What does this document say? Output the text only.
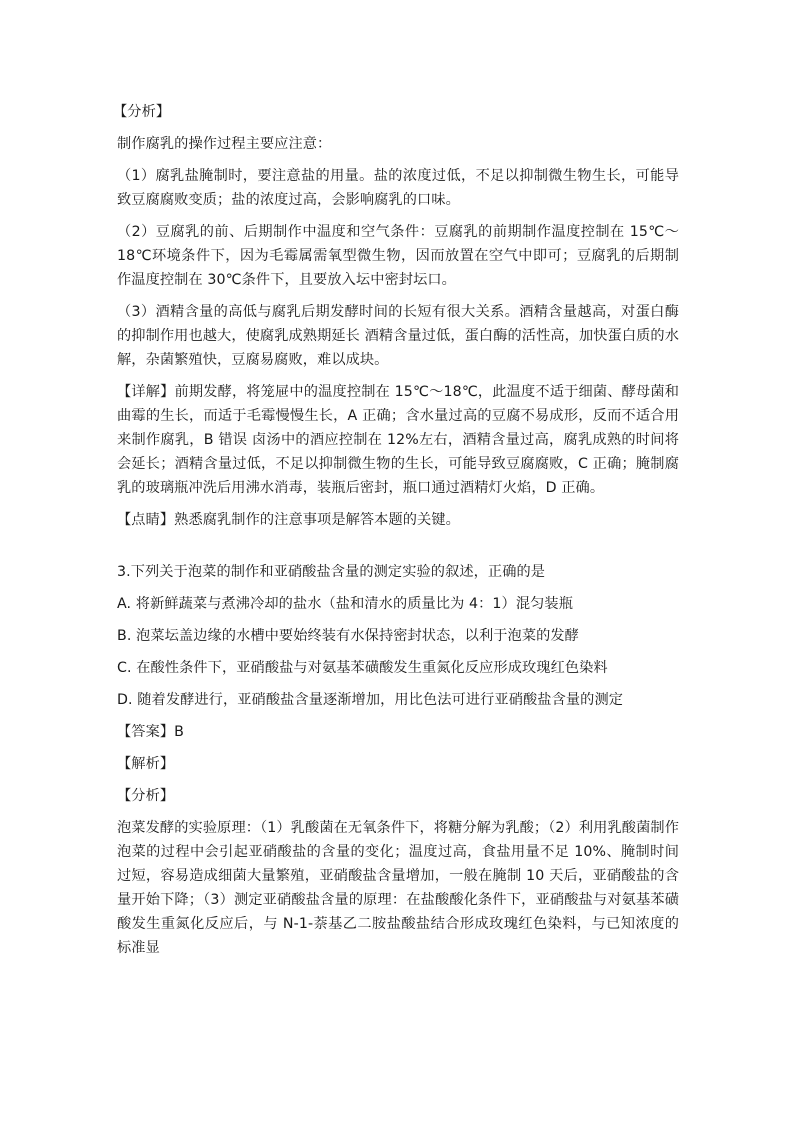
【分析】

制作腐乳的操作过程主要应注意：

（1）腐乳盐腌制时，要注意盐的用量。盐的浓度过低，不足以抑制微生物生长，可能导致豆腐腐败变质；盐的浓度过高，会影响腐乳的口味。

（2）豆腐乳的前、后期制作中温度和空气条件：豆腐乳的前期制作温度控制在 15℃～18℃环境条件下，因为毛霉属需氧型微生物，因而放置在空气中即可；豆腐乳的后期制作温度控制在 30℃条件下，且要放入坛中密封坛口。

（3）酒精含量的高低与腐乳后期发酵时间的长短有很大关系。酒精含量越高，对蛋白酶的抑制作用也越大，使腐乳成熟期延长 酒精含量过低，蛋白酶的活性高，加快蛋白质的水解，杂菌繁殖快，豆腐易腐败，难以成块。

【详解】前期发酵，将笼屉中的温度控制在 15℃～18℃，此温度不适于细菌、酵母菌和曲霉的生长，而适于毛霉慢慢生长，A 正确；含水量过高的豆腐不易成形，反而不适合用来制作腐乳，B 错误 卤汤中的酒应控制在 12%左右，酒精含量过高，腐乳成熟的时间将会延长；酒精含量过低，不足以抑制微生物的生长，可能导致豆腐腐败，C 正确；腌制腐乳的玻璃瓶冲洗后用沸水消毒，装瓶后密封，瓶口通过酒精灯火焰，D 正确。

【点睛】熟悉腐乳制作的注意事项是解答本题的关键。

3.下列关于泡菜的制作和亚硝酸盐含量的测定实验的叙述，正确的是

A. 将新鲜蔬菜与煮沸冷却的盐水（盐和清水的质量比为 4：1）混匀装瓶

B. 泡菜坛盖边缘的水槽中要始终装有水保持密封状态，以利于泡菜的发酵

C. 在酸性条件下，亚硝酸盐与对氨基苯磺酸发生重氮化反应形成玫瑰红色染料

D. 随着发酵进行，亚硝酸盐含量逐渐增加，用比色法可进行亚硝酸盐含量的测定

【答案】B

【解析】

【分析】

泡菜发酵的实验原理：（1）乳酸菌在无氧条件下，将糖分解为乳酸；（2）利用乳酸菌制作泡菜的过程中会引起亚硝酸盐的含量的变化；温度过高，食盐用量不足 10%、腌制时间过短，容易造成细菌大量繁殖，亚硝酸盐含量增加，一般在腌制 10 天后，亚硝酸盐的含量开始下降；（3）测定亚硝酸盐含量的原理：在盐酸酸化条件下，亚硝酸盐与对氨基苯磺酸发生重氮化反应后，与 N-1-萘基乙二胺盐酸盐结合形成玫瑰红色染料，与已知浓度的标准显
